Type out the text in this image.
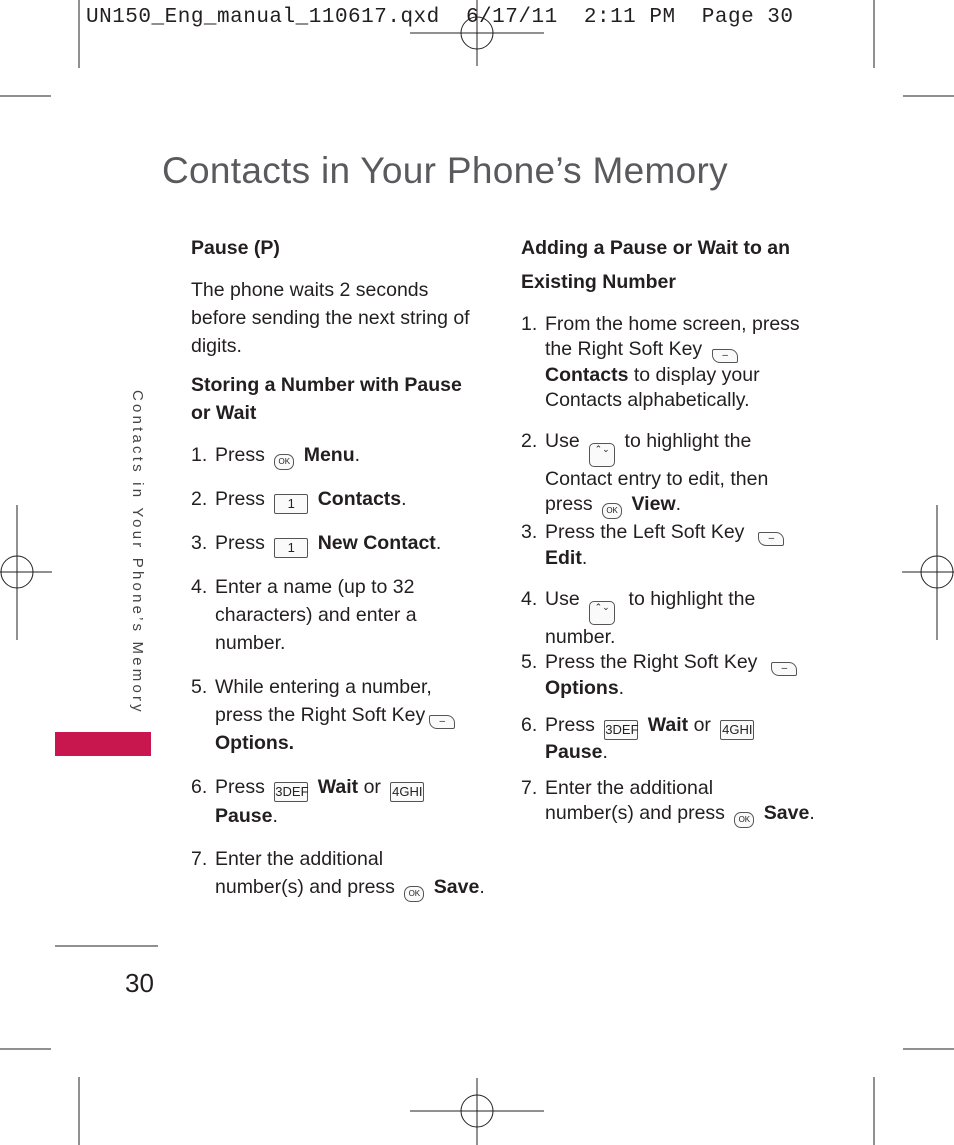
UN150_Eng_manual_110617.qxd  6/17/11  2:11 PM  Page 30
Contacts in Your Phone’s Memory
Contacts in Your Phone’s Memory
30

Pause (P)

The phone waits 2 seconds

before sending the next string of

digits.

Storing a Number with Pause

or Wait

1. Press OK Menu.
2. Press 1 Contacts.
3. Press 1 New Contact.
4. Enter a name (up to 32
characters) and enter a
number.
5. While entering a number,
press the Right Soft Key –
Options.
6. Press 3DEF Wait or 4GHI
Pause.
7. Enter the additional
number(s) and press OK Save.

Adding a Pause or Wait to an

Existing Number

1. From the home screen, press
the Right Soft Key –
Contacts to display your
Contacts alphabetically.
2. Use ⌃⌄ to highlight the
Contact entry to edit, then
press OK View.
3. Press the Left Soft Key –
Edit.
4. Use ⌃⌄ to highlight the
number.
5. Press the Right Soft Key –
Options.
6. Press 3DEF Wait or 4GHI
Pause.
7. Enter the additional
number(s) and press OK Save.
